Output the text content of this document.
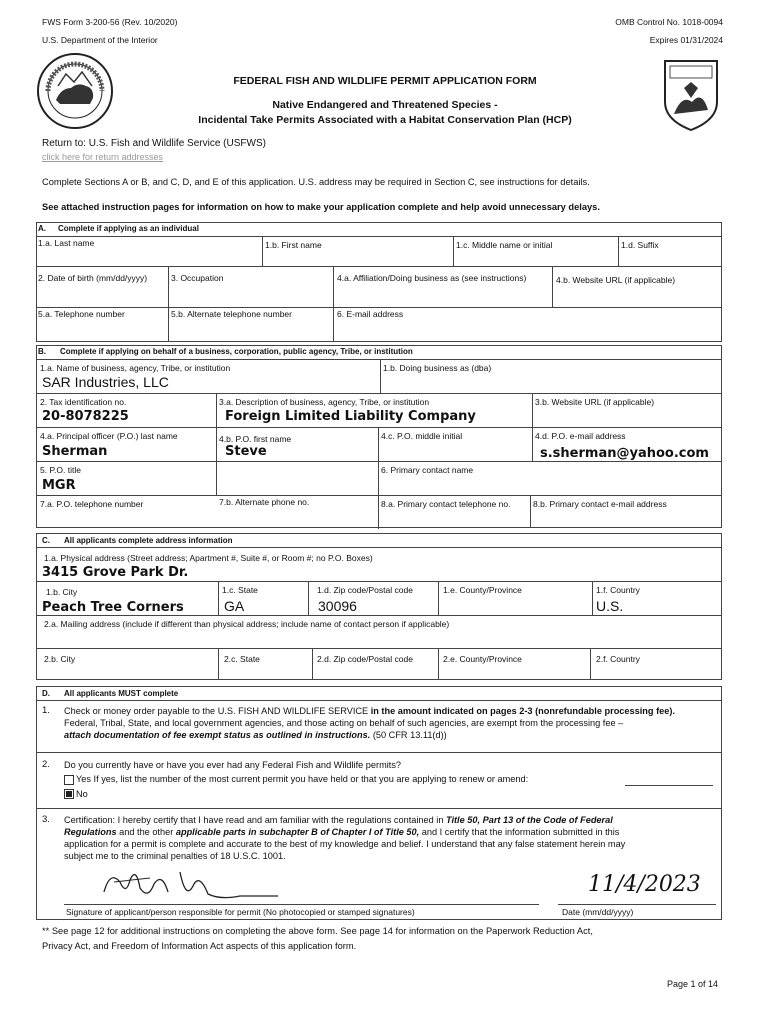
FWS Form 3-200-56 (Rev. 10/2020)
U.S. Department of the Interior
OMB Control No. 1018-0094
Expires 01/31/2024
FEDERAL FISH AND WILDLIFE PERMIT APPLICATION FORM
Native Endangered and Threatened Species -
Incidental Take Permits Associated with a Habitat Conservation Plan (HCP)
Return to: U.S. Fish and Wildlife Service (USFWS)
click here for return addresses
Complete Sections A or B, and C, D, and E of this application. U.S. address may be required in Section C, see instructions for details.
See attached instruction pages for information on how to make your application complete and help avoid unnecessary delays.
A. Complete if applying as an individual
1.a. Last name	1.b. First name	1.c. Middle name or initial	1.d. Suffix
2. Date of birth (mm/dd/yyyy)	3. Occupation	4.a. Affiliation/Doing business as (see instructions)	4.b. Website URL (if applicable)
5.a. Telephone number	5.b. Alternate telephone number	6. E-mail address
B. Complete if applying on behalf of a business, corporation, public agency, Tribe, or institution
1.a. Name of business, agency, Tribe, or institution
SAR Industries, LLC
1.b. Doing business as (dba)
2. Tax identification no.
20-8078225
3.a. Description of business, agency, Tribe, or institution
Foreign Limited Liability Company
3.b. Website URL (if applicable)
4.a. Principal officer (P.O.) last name
Sherman
4.b. P.O. first name
Steve
4.c. P.O. middle initial	4.d. P.O. e-mail address
s.sherman@yahoo.com
5. P.O. title
MGR
6. Primary contact name
7.a. P.O. telephone number	7.b. Alternate phone no.	8.a. Primary contact telephone no.	8.b. Primary contact e-mail address
C. All applicants complete address information
1.a. Physical address (Street address; Apartment #, Suite #, or Room #; no P.O. Boxes)
3415 Grove Park Dr.
1.b. City
Peach Tree Corners
1.c. State
GA
1.d. Zip code/Postal code
30096
1.e. County/Province	1.f. Country
U.S.
2.a. Mailing address (include if different than physical address; include name of contact person if applicable)
2.b. City	2.c. State	2.d. Zip code/Postal code	2.e. County/Province	2.f. Country
D. All applicants MUST complete
1. Check or money order payable to the U.S. FISH AND WILDLIFE SERVICE in the amount indicated on pages 2-3 (nonrefundable processing fee).
Federal, Tribal, State, and local government agencies, and those acting on behalf of such agencies, are exempt from the processing fee –
attach documentation of fee exempt status as outlined in instructions. (50 CFR 13.11(d))
2. Do you currently have or have you ever had any Federal Fish and Wildlife permits?
Yes If yes, list the number of the most current permit you have held or that you are applying to renew or amend:
No
3. Certification: I hereby certify that I have read and am familiar with the regulations contained in Title 50, Part 13 of the Code of Federal
Regulations and the other applicable parts in subchapter B of Chapter I of Title 50, and I certify that the information submitted in this
application for a permit is complete and accurate to the best of my knowledge and belief. I understand that any false statement herein may
subject me to the criminal penalties of 18 U.S.C. 1001.
11/4/2023
Signature of applicant/person responsible for permit (No photocopied or stamped signatures)	Date (mm/dd/yyyy)
** See page 12 for additional instructions on completing the above form. See page 14 for information on the Paperwork Reduction Act,
Privacy Act, and Freedom of Information Act aspects of this application form.
Page 1 of 14
